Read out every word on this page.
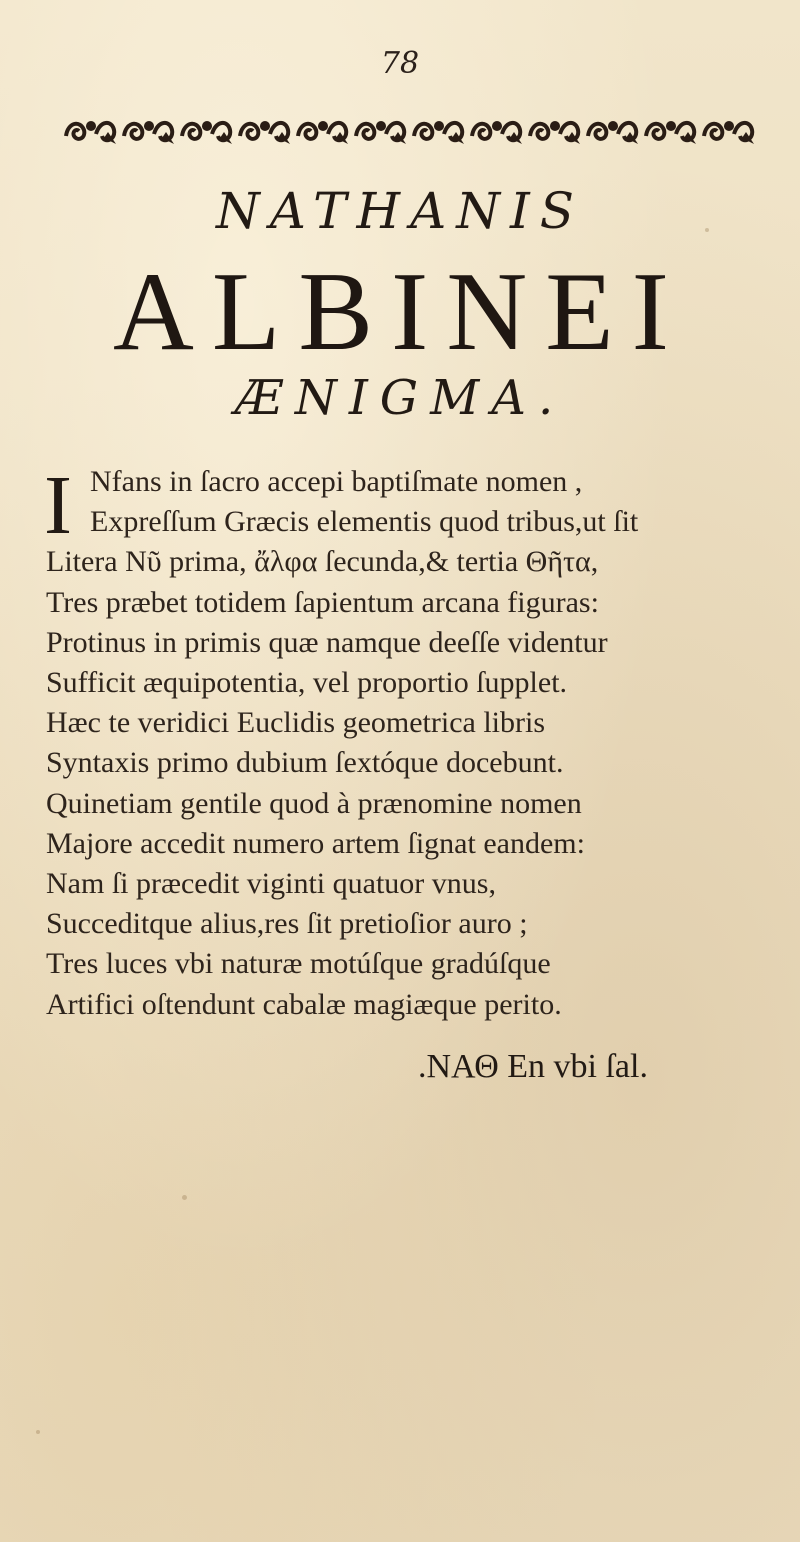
78
NATHANIS
ALBINEI
ÆNIGMA.
I Nfans in ſacro accepi baptiſmate nomen ,
Expreſſum Græcis elementis quod tribus,ut ſit
Litera Νῦ prima, ἄλφα ſecunda,& tertia Θῆτα,
Tres præbet totidem ſapientum arcana figuras:
Protinus in primis quæ namque deeſſe videntur
Sufficit æquipotentia, vel proportio ſupplet.
Hæc te veridici Euclidis geometrica libris
Syntaxis primo dubium ſextóque docebunt.
Quinetiam gentile quod à prænomine nomen
Majore accedit numero artem ſignat eandem:
Nam ſi præcedit viginti quatuor vnus,
Succeditque alius,res ſit pretioſior auro ;
Tres luces vbi naturæ motúſque gradúſque
Artifici oſtendunt cabalæ magiæque perito.
.ΝΑΘ En vbi ſal.
